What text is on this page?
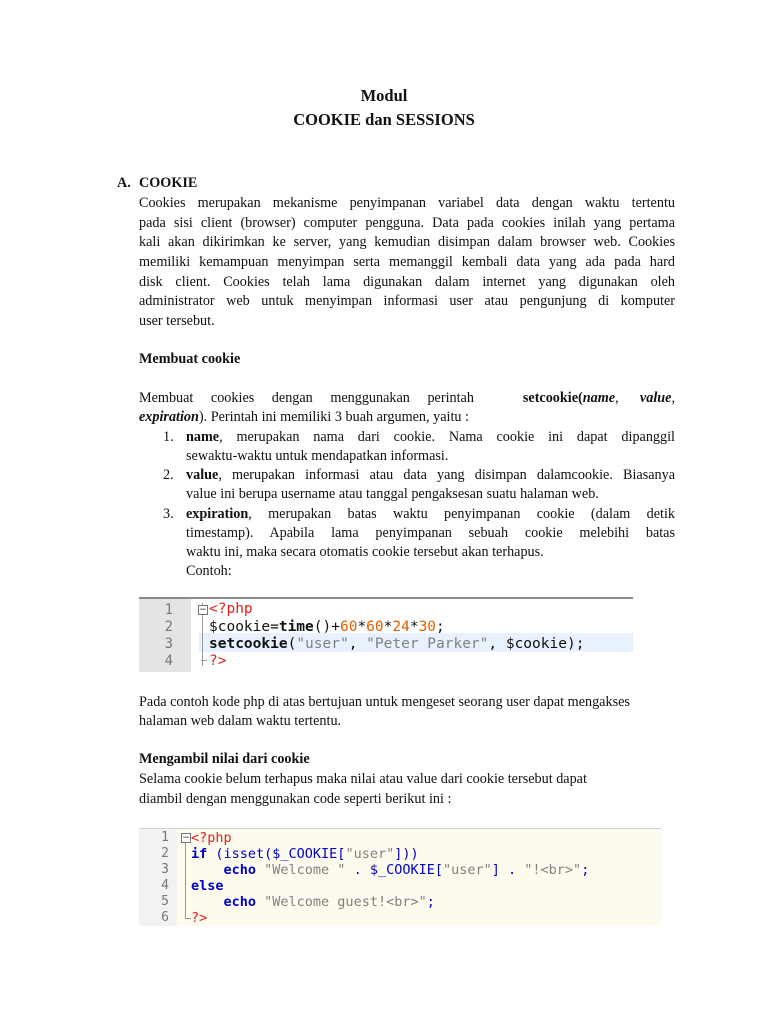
Modul
COOKIE dan SESSIONS
A. COOKIE
Cookies merupakan mekanisme penyimpanan variabel data dengan waktu tertentu
pada sisi client (browser) computer pengguna. Data pada cookies inilah yang pertama
kali akan dikirimkan ke server, yang kemudian disimpan dalam browser web. Cookies
memiliki kemampuan menyimpan serta memanggil kembali data yang ada pada hard
disk client. Cookies telah lama digunakan dalam internet yang digunakan oleh
administrator web untuk menyimpan informasi user atau pengunjung di komputer
user tersebut.
Membuat cookie
Membuat cookies dengan menggunakan perintah	setcookie(name,      value,
expiration). Perintah ini memiliki 3 buah argumen, yaitu :
1. name, merupakan nama dari cookie. Nama cookie ini dapat dipanggil
sewaktu-waktu untuk mendapatkan informasi.
2. value, merupakan informasi atau data yang disimpan dalamcookie. Biasanya
value ini berupa username atau tanggal pengaksesan suatu halaman web.
3. expiration, merupakan batas waktu penyimpanan cookie (dalam detik
timestamp). Apabila lama penyimpanan sebuah cookie melebihi batas
waktu ini, maka secara otomatis cookie tersebut akan terhapus.
Contoh:
1
2
3
4
− <?php
$cookie=time()+60*60*24*30;
setcookie("user", "Peter Parker", $cookie);
?>
Pada contoh kode php di atas bertujuan untuk mengeset seorang user dapat mengakses
halaman web dalam waktu tertentu.
Mengambil nilai dari cookie
Selama cookie belum terhapus maka nilai atau value dari cookie tersebut dapat
diambil dengan menggunakan code seperti berikut ini :
1
2
3
4
5
6
− <?php
if (isset($_COOKIE["user"]))
echo "Welcome " . $_COOKIE["user"] . "!<br>";
else
echo "Welcome guest!<br>";
?>
